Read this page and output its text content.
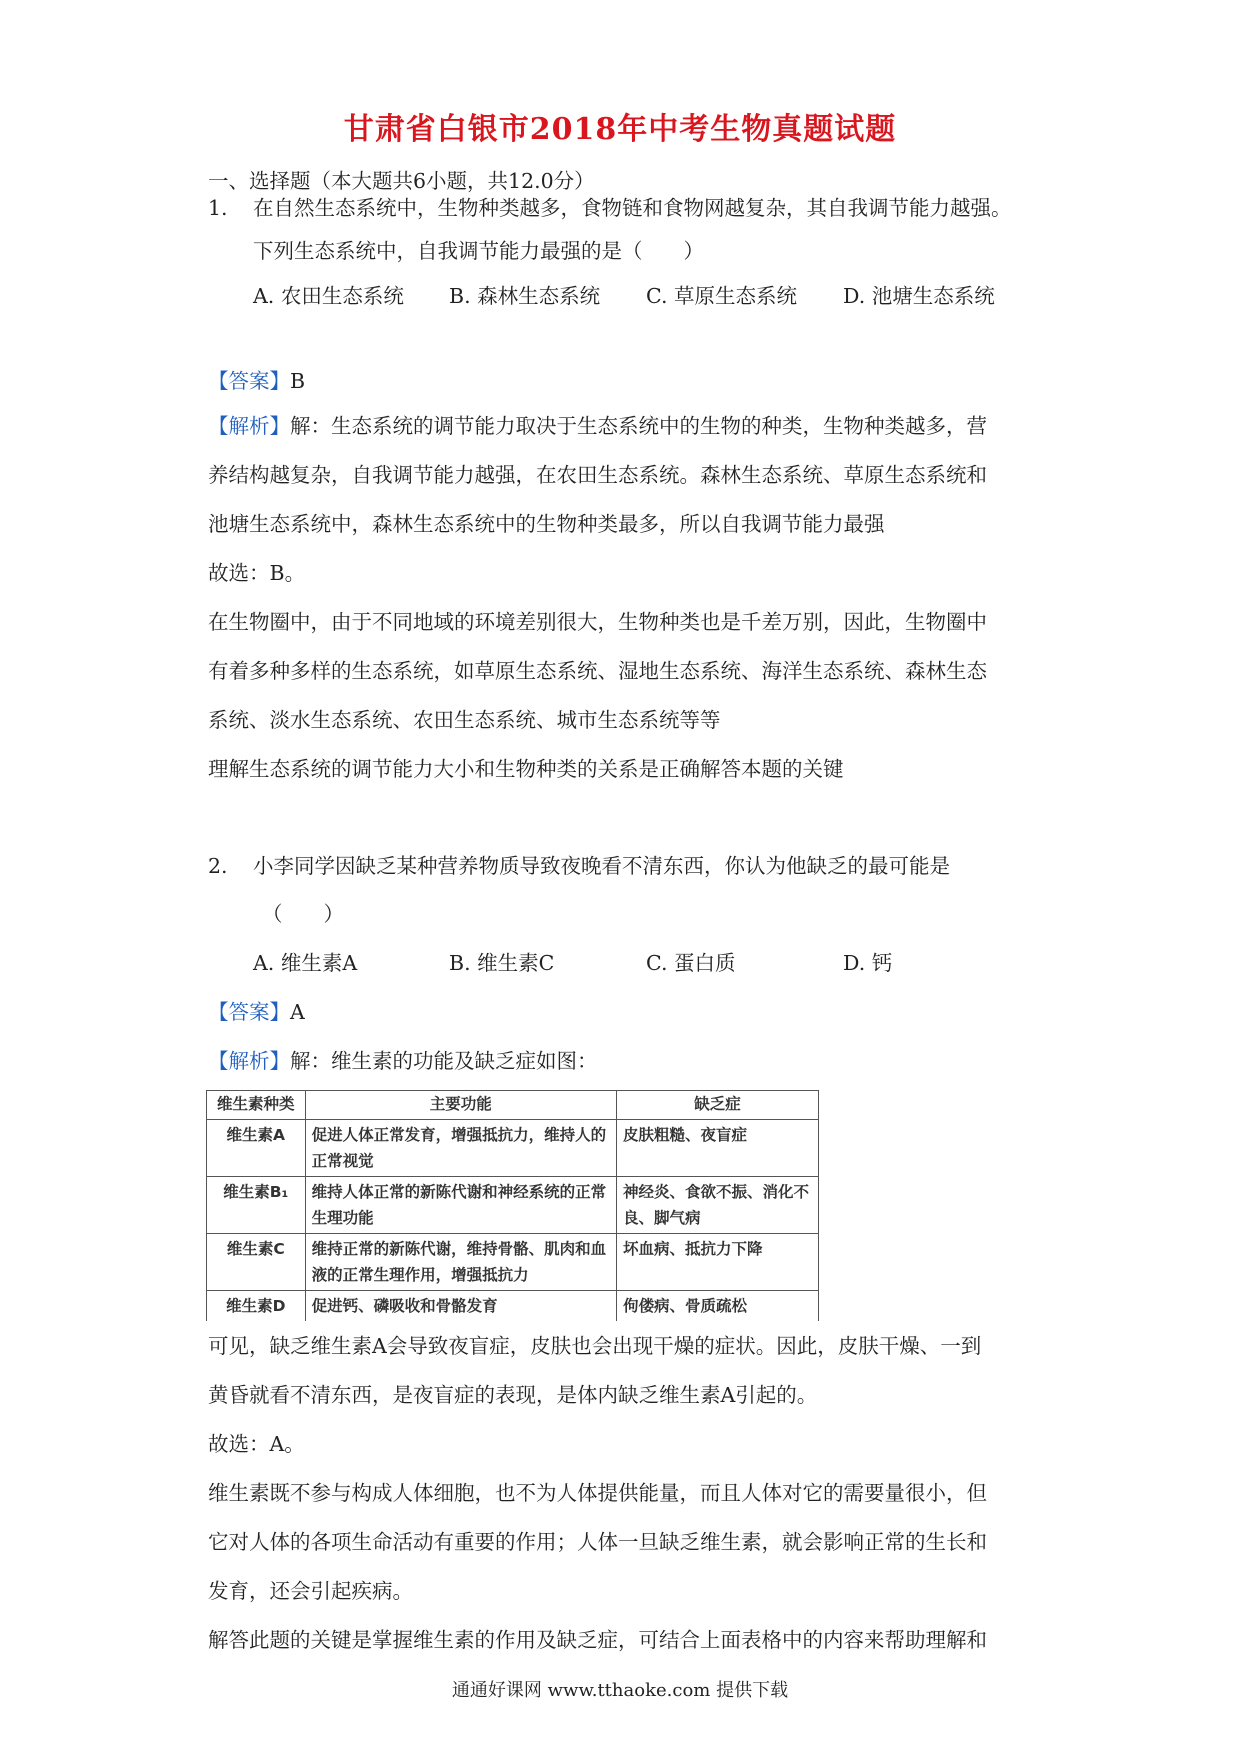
甘肃省白银市2018年中考生物真题试题
一、选择题（本大题共6小题，共12.0分）
1. 在自然生态系统中，生物种类越多，食物链和食物网越复杂，其自我调节能力越强。
下列生态系统中，自我调节能力最强的是（　　）
A. 农田生态系统 B. 森林生态系统 C. 草原生态系统 D. 池塘生态系统
【答案】B
【解析】解：生态系统的调节能力取决于生态系统中的生物的种类，生物种类越多，营
养结构越复杂，自我调节能力越强，在农田生态系统。森林生态系统、草原生态系统和
池塘生态系统中，森林生态系统中的生物种类最多，所以自我调节能力最强
故选：B。
在生物圈中，由于不同地域的环境差别很大，生物种类也是千差万别，因此，生物圈中
有着多种多样的生态系统，如草原生态系统、湿地生态系统、海洋生态系统、森林生态
系统、淡水生态系统、农田生态系统、城市生态系统等等
理解生态系统的调节能力大小和生物种类的关系是正确解答本题的关键
2. 小李同学因缺乏某种营养物质导致夜晚看不清东西，你认为他缺乏的最可能是
（　　）
A. 维生素A	B. 维生素C	C. 蛋白质	D. 钙
【答案】A
【解析】解：维生素的功能及缺乏症如图：
维生素种类	主要功能	缺乏症
维生素A	促进人体正常发育，增强抵抗力，维持人的正常视觉	皮肤粗糙、夜盲症
维生素B₁	维持人体正常的新陈代谢和神经系统的正常生理功能	神经炎、食欲不振、消化不良、脚气病
维生素C	维持正常的新陈代谢，维持骨骼、肌肉和血液的正常生理作用，增强抵抗力	坏血病、抵抗力下降
维生素D	促进钙、磷吸收和骨骼发育	佝偻病、骨质疏松
可见，缺乏维生素A会导致夜盲症，皮肤也会出现干燥的症状。因此，皮肤干燥、一到
黄昏就看不清东西，是夜盲症的表现，是体内缺乏维生素A引起的。
故选：A。
维生素既不参与构成人体细胞，也不为人体提供能量，而且人体对它的需要量很小，但
它对人体的各项生命活动有重要的作用；人体一旦缺乏维生素，就会影响正常的生长和
发育，还会引起疾病。
解答此题的关键是掌握维生素的作用及缺乏症，可结合上面表格中的内容来帮助理解和
通通好课网 www.tthaoke.com 提供下载
